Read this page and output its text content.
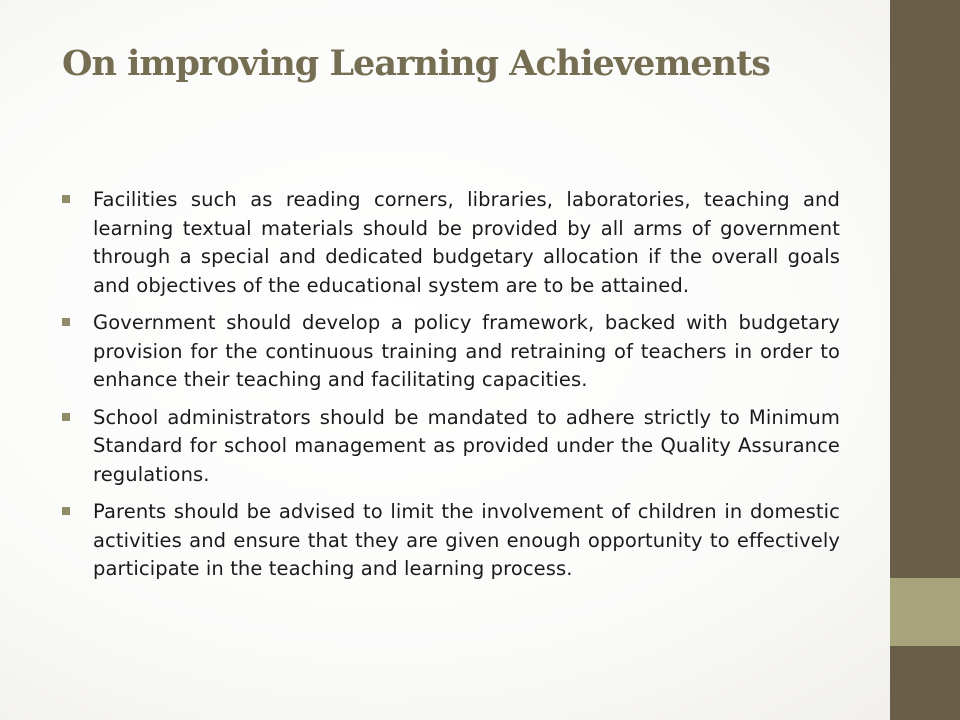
On improving Learning Achievements
Facilities such as reading corners, libraries, laboratories, teaching and learning textual materials should be provided by all arms of government through a special and dedicated budgetary allocation if the overall goals and objectives of the educational system are to be attained.
Government should develop a policy framework, backed with budgetary provision for the continuous training and retraining of teachers in order to enhance their teaching and facilitating capacities.
School administrators should be mandated to adhere strictly to Minimum Standard for school management as provided under the Quality Assurance regulations.
Parents should be advised to limit the involvement of children in domestic activities and ensure that they are given enough opportunity to effectively participate in the teaching and learning process.
